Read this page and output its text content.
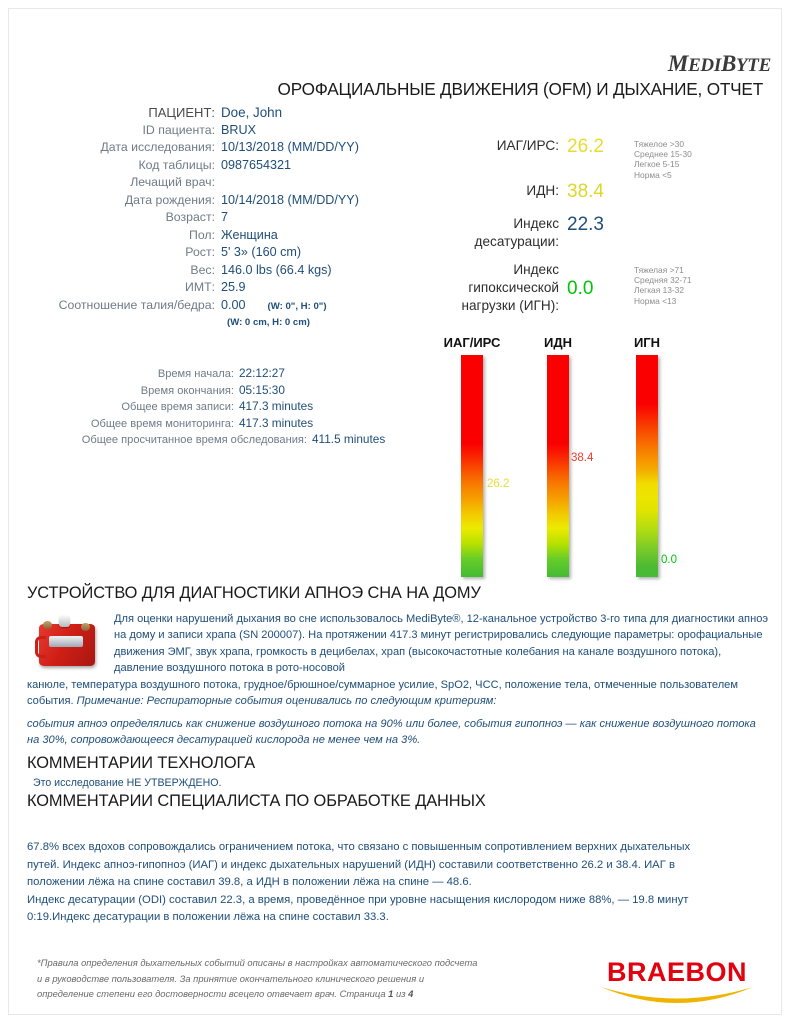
MEDIBYTE
ОРОФАЦИАЛЬНЫЕ ДВИЖЕНИЯ (OFM) И ДЫХАНИЕ, ОТЧЕТ
ПАЦИЕНТ: Doe, John
ID пациента: BRUX
Дата исследования: 10/13/2018 (MM/DD/YY)
Код таблицы: 0987654321
Лечащий врач:
Дата рождения: 10/14/2018 (MM/DD/YY)
Возраст: 7
Пол: Женщина
Рост: 5' 3» (160 cm)
Вес: 146.0 lbs (66.4 kgs)
ИМТ: 25.9
Соотношение талия/бедра: 0.00 (W: 0", H: 0")
(W: 0 cm, H: 0 cm)
Время начала: 22:12:27
Время окончания: 05:15:30
Общее время записи: 417.3 minutes
Общее время мониторинга: 417.3 minutes
Общее просчитанное время обследования: 411.5 minutes
ИАГ/ИРС: 26.2
ИДН: 38.4
Индекс
десатурации:
22.3
Индекс
гипоксической
нагрузки (ИГН):
0.0
Тяжелое >30
Среднее 15-30
Легкое 5-15
Норма <5
Тяжелая >71
Средняя 32-71
Легкая 13-32
Норма <13
ИАГ/ИРС
26.2
ИДН
38.4
ИГН
0.0
УСТРОЙСТВО ДЛЯ ДИАГНОСТИКИ АПНОЭ СНА НА ДОМУ
Для оценки нарушений дыхания во сне использовалось MediByte®, 12-канальное устройство 3-го типа для диагностики апноэ на дому и записи храпа (SN 200007). На протяжении 417.3 минут регистрировались следующие параметры: орофациальные движения ЭМГ, звук храпа, громкость в децибелах, храп (высокочастотные колебания на канале воздушного потока), давление воздушного потока в рото-носовой
канюле, температура воздушного потока, грудное/брюшное/суммарное усилие, SpO2, ЧСС, положение тела, отмеченные пользователем события. Примечание: Респираторные события оценивались по следующим критериям:
события апноэ определялись как снижение воздушного потока на 90% или более, события гипопноэ — как снижение воздушного потока на 30%, сопровождающееся десатурацией кислорода не менее чем на 3%.
КОММЕНТАРИИ ТЕХНОЛОГА
Это исследование НЕ УТВЕРЖДЕНО.
КОММЕНТАРИИ СПЕЦИАЛИСТА ПО ОБРАБОТКЕ ДАННЫХ

67.8% всех вдохов сопровождались ограничением потока, что связано с повышенным сопротивлением верхних дыхательных

путей. Индекс апноэ-гипопноэ (ИАГ) и индекс дыхательных нарушений (ИДН) составили соответственно 26.2 и 38.4. ИАГ в

положении лёжа на спине составил 39.8, а ИДН в положении лёжа на спине — 48.6.

Индекс десатурации (ODI) составил 22.3, а время, проведённое при уровне насыщения кислородом ниже 88%, — 19.8 минут

0:19.Индекс десатурации в положении лёжа на спине составил 33.3.

*Правила определения дыхательных событий описаны в настройках автоматического подсчета
и в руководстве пользователя. За принятие окончательного клинического решения и
определение степени его достоверности всецело отвечает врач. Страница 1 из 4
BRAEBON
